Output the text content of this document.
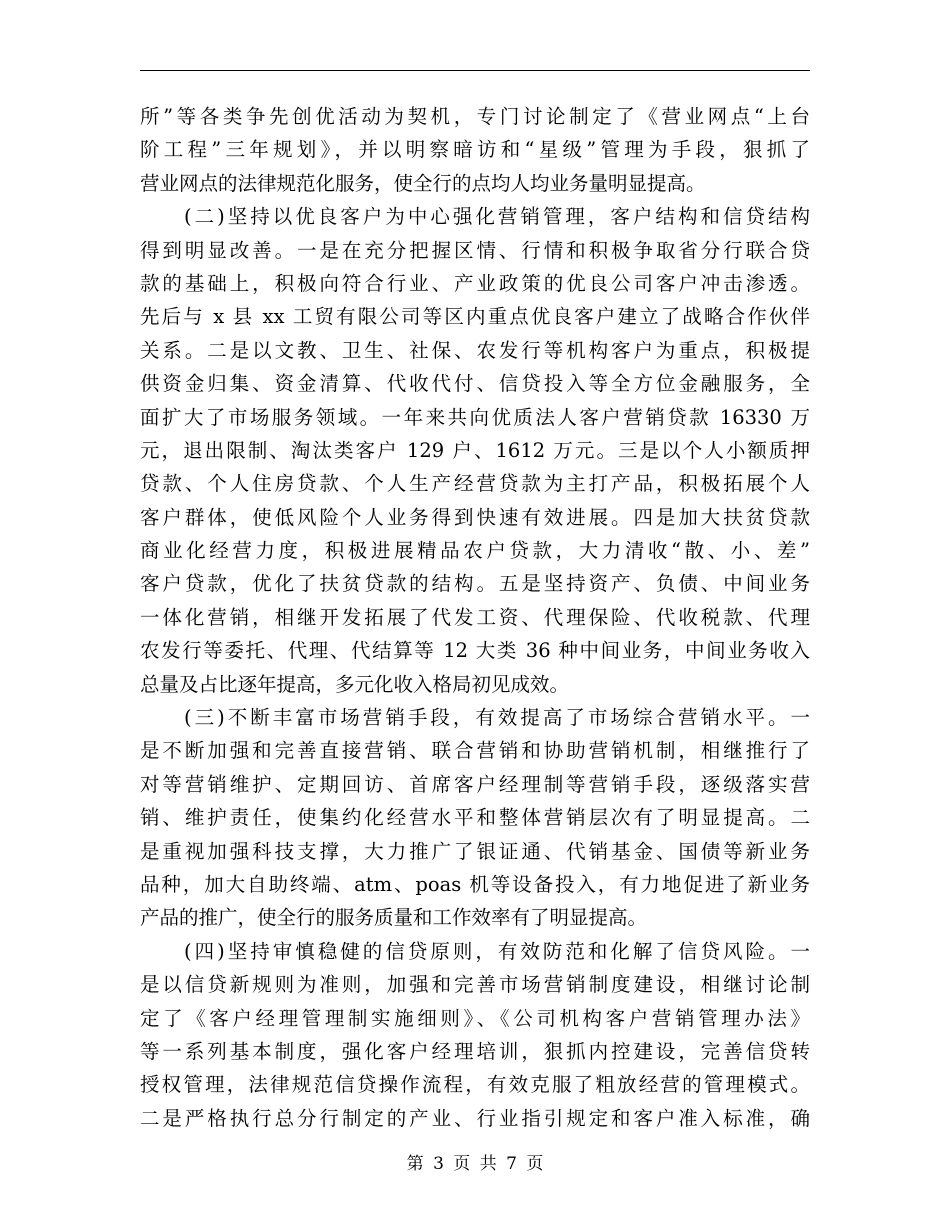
所”等各类争先创优活动为契机，专门讨论制定了《营业网点“上台
阶工程”三年规划》，并以明察暗访和“星级”管理为手段，狠抓了
营业网点的法律规范化服务，使全行的点均人均业务量明显提高。
(二)坚持以优良客户为中心强化营销管理，客户结构和信贷结构
得到明显改善。一是在充分把握区情、行情和积极争取省分行联合贷
款的基础上，积极向符合行业、产业政策的优良公司客户冲击渗透。
先后与 x 县 xx 工贸有限公司等区内重点优良客户建立了战略合作伙伴
关系。二是以文教、卫生、社保、农发行等机构客户为重点，积极提
供资金归集、资金清算、代收代付、信贷投入等全方位金融服务，全
面扩大了市场服务领域。一年来共向优质法人客户营销贷款 16330 万
元，退出限制、淘汰类客户 129 户、1612 万元。三是以个人小额质押
贷款、个人住房贷款、个人生产经营贷款为主打产品，积极拓展个人
客户群体，使低风险个人业务得到快速有效进展。四是加大扶贫贷款
商业化经营力度，积极进展精品农户贷款，大力清收“散、小、差”
客户贷款，优化了扶贫贷款的结构。五是坚持资产、负债、中间业务
一体化营销，相继开发拓展了代发工资、代理保险、代收税款、代理
农发行等委托、代理、代结算等 12 大类 36 种中间业务，中间业务收入
总量及占比逐年提高，多元化收入格局初见成效。
(三)不断丰富市场营销手段，有效提高了市场综合营销水平。一
是不断加强和完善直接营销、联合营销和协助营销机制，相继推行了
对等营销维护、定期回访、首席客户经理制等营销手段，逐级落实营
销、维护责任，使集约化经营水平和整体营销层次有了明显提高。二
是重视加强科技支撑，大力推广了银证通、代销基金、国债等新业务
品种，加大自助终端、atm、poas 机等设备投入，有力地促进了新业务
产品的推广，使全行的服务质量和工作效率有了明显提高。
(四)坚持审慎稳健的信贷原则，有效防范和化解了信贷风险。一
是以信贷新规则为准则，加强和完善市场营销制度建设，相继讨论制
定了《客户经理管理制实施细则》、《公司机构客户营销管理办法》
等一系列基本制度，强化客户经理培训，狠抓内控建设，完善信贷转
授权管理，法律规范信贷操作流程，有效克服了粗放经营的管理模式。
二是严格执行总分行制定的产业、行业指引规定和客户准入标准，确
第 3 页 共 7 页
